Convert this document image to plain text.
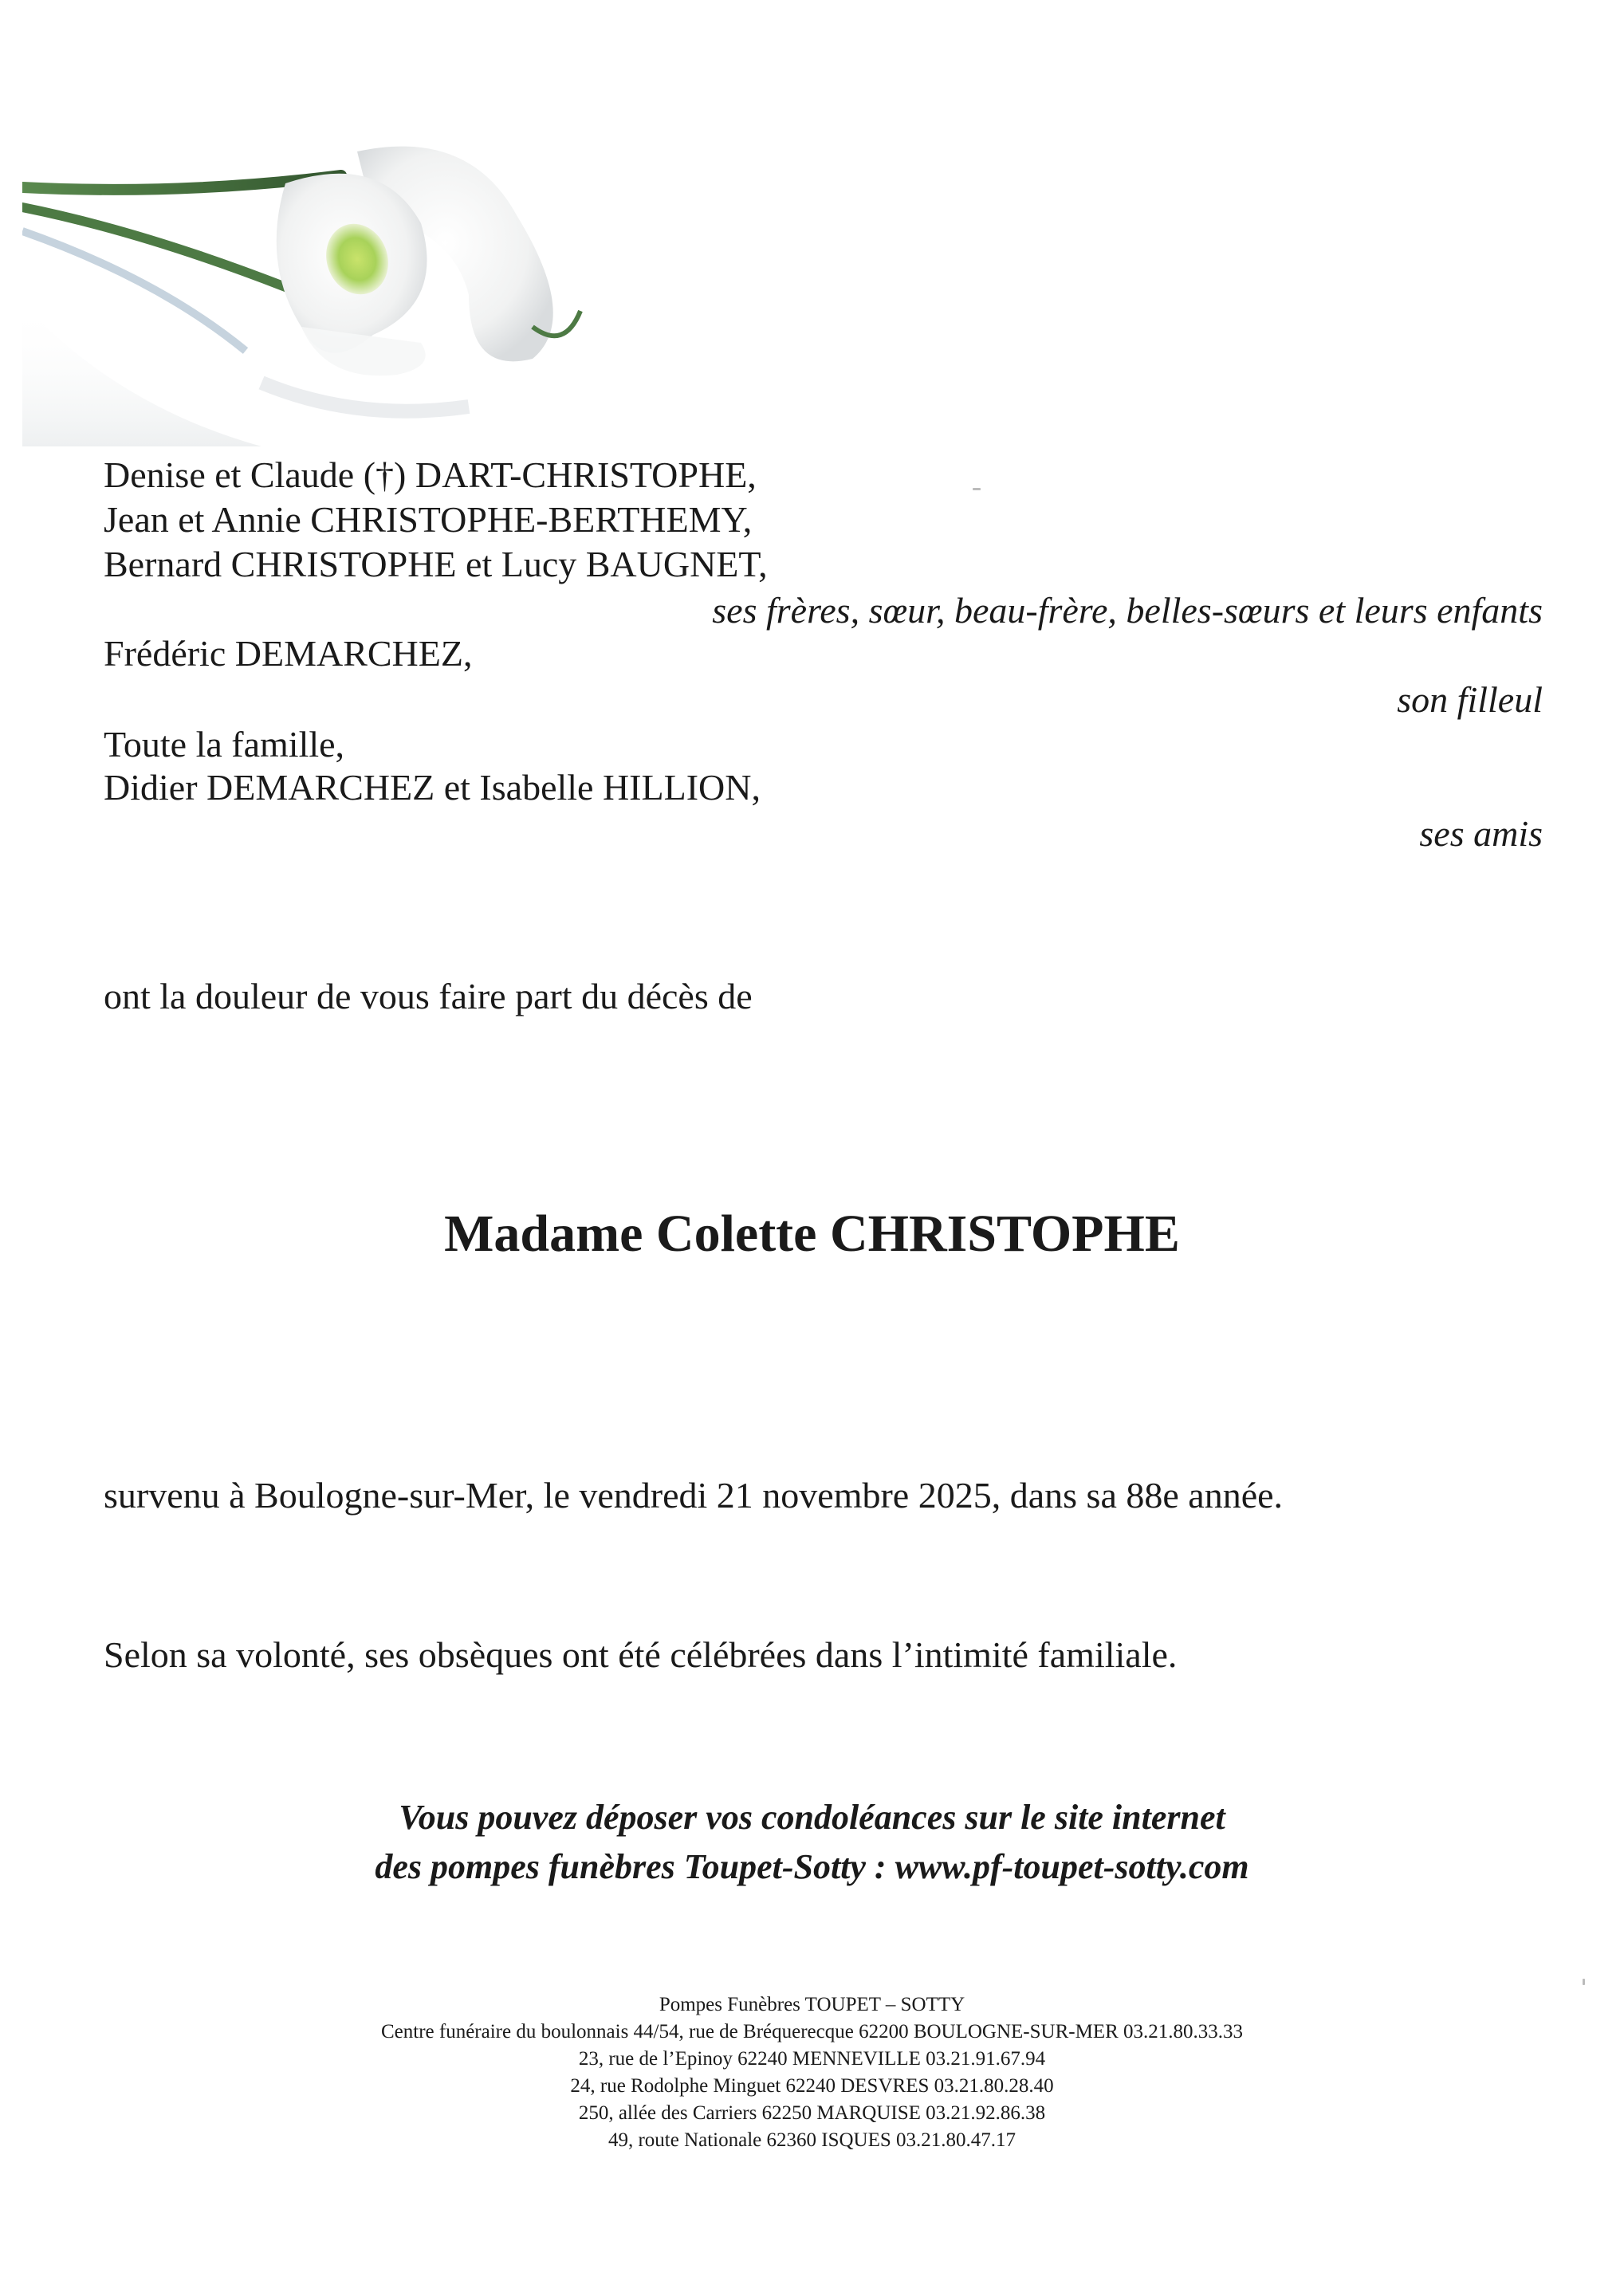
Denise et Claude (†) DART-CHRISTOPHE,
Jean et Annie CHRISTOPHE-BERTHEMY,
Bernard CHRISTOPHE et Lucy BAUGNET,
ses frères, sœur, beau-frère, belles-sœurs et leurs enfants
Frédéric DEMARCHEZ,
son filleul
Toute la famille,
Didier DEMARCHEZ et Isabelle HILLION,
ses amis
ont la douleur de vous faire part du décès de
Madame Colette CHRISTOPHE
survenu à Boulogne-sur-Mer, le vendredi 21 novembre 2025, dans sa 88e année.
Selon sa volonté, ses obsèques ont été célébrées dans l’intimité familiale.
Vous pouvez déposer vos condoléances sur le site internet
des pompes funèbres Toupet-Sotty : www.pf-toupet-sotty.com
Pompes Funèbres TOUPET – SOTTY
Centre funéraire du boulonnais 44/54, rue de Bréquerecque 62200 BOULOGNE-SUR-MER 03.21.80.33.33
23, rue de l’Epinoy 62240 MENNEVILLE 03.21.91.67.94
24, rue Rodolphe Minguet 62240 DESVRES 03.21.80.28.40
250, allée des Carriers 62250 MARQUISE 03.21.92.86.38
49, route Nationale 62360 ISQUES 03.21.80.47.17
